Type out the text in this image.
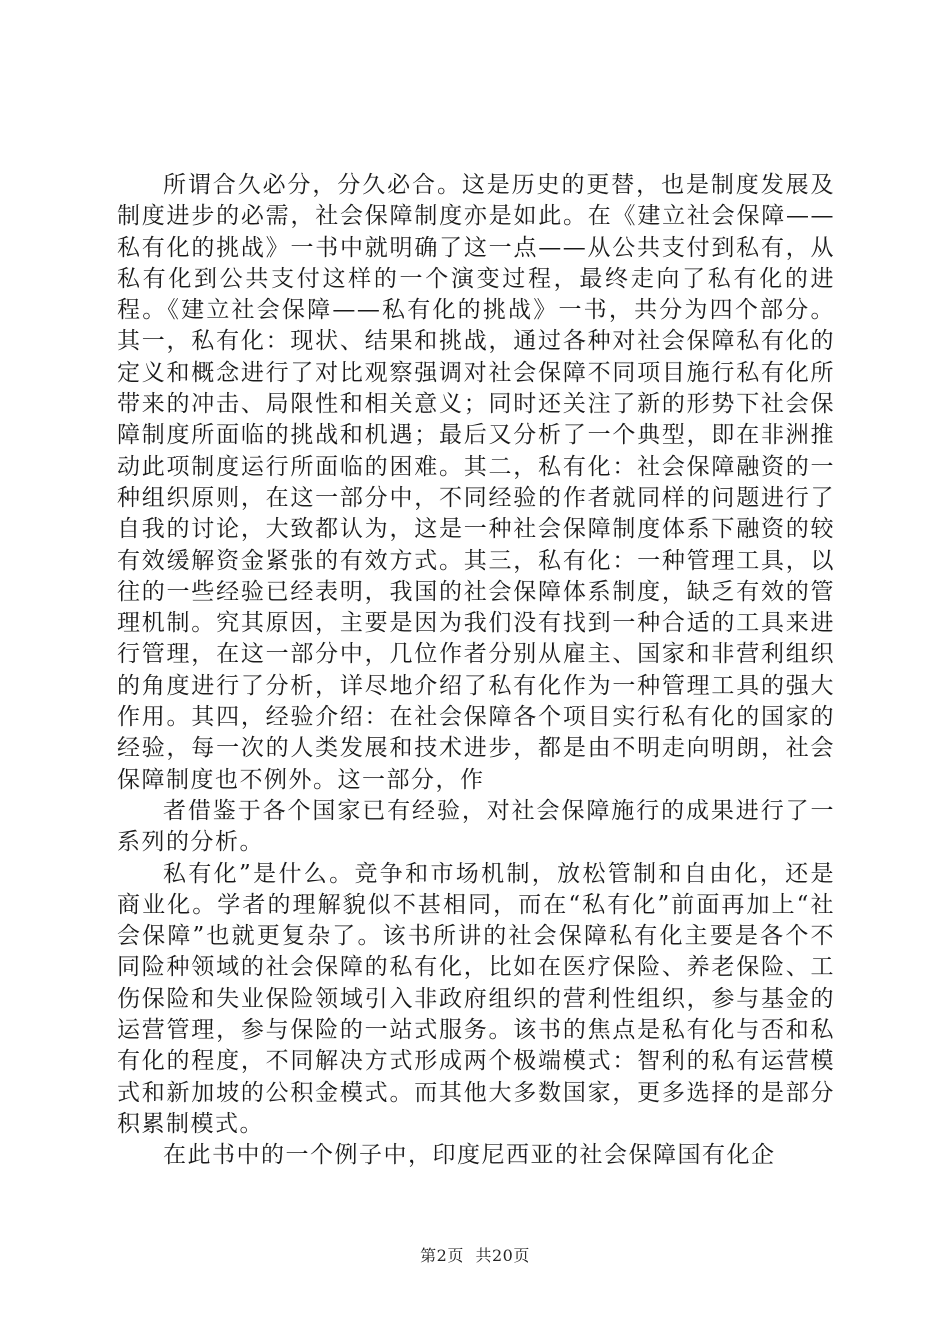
所谓合久必分，分久必合。这是历史的更替，也是制度发展及制度进步的必需，社会保障制度亦是如此。在《建立社会保障——私有化的挑战》一书中就明确了这一点——从公共支付到私有，从私有化到公共支付这样的一个演变过程，最终走向了私有化的进程。《建立社会保障——私有化的挑战》一书，共分为四个部分。其一，私有化：现状、结果和挑战，通过各种对社会保障私有化的定义和概念进行了对比观察强调对社会保障不同项目施行私有化所带来的冲击、局限性和相关意义；同时还关注了新的形势下社会保障制度所面临的挑战和机遇；最后又分析了一个典型，即在非洲推动此项制度运行所面临的困难。其二，私有化：社会保障融资的一种组织原则，在这一部分中，不同经验的作者就同样的问题进行了自我的讨论，大致都认为，这是一种社会保障制度体系下融资的较有效缓解资金紧张的有效方式。其三，私有化：一种管理工具，以往的一些经验已经表明，我国的社会保障体系制度，缺乏有效的管理机制。究其原因，主要是因为我们没有找到一种合适的工具来进行管理，在这一部分中，几位作者分别从雇主、国家和非营利组织的角度进行了分析，详尽地介绍了私有化作为一种管理工具的强大作用。其四，经验介绍：在社会保障各个项目实行私有化的国家的经验，每一次的人类发展和技术进步，都是由不明走向明朗，社会保障制度也不例外。这一部分，作

者借鉴于各个国家已有经验，对社会保障施行的成果进行了一系列的分析。

私有化”是什么。竞争和市场机制，放松管制和自由化，还是商业化。学者的理解貌似不甚相同，而在“私有化”前面再加上“社会保障”也就更复杂了。该书所讲的社会保障私有化主要是各个不同险种领域的社会保障的私有化，比如在医疗保险、养老保险、工伤保险和失业保险领域引入非政府组织的营利性组织，参与基金的运营管理，参与保险的一站式服务。该书的焦点是私有化与否和私有化的程度，不同解决方式形成两个极端模式：智利的私有运营模式和新加坡的公积金模式。而其他大多数国家，更多选择的是部分积累制模式。

在此书中的一个例子中，印度尼西亚的社会保障国有化企

第2页 共20页
